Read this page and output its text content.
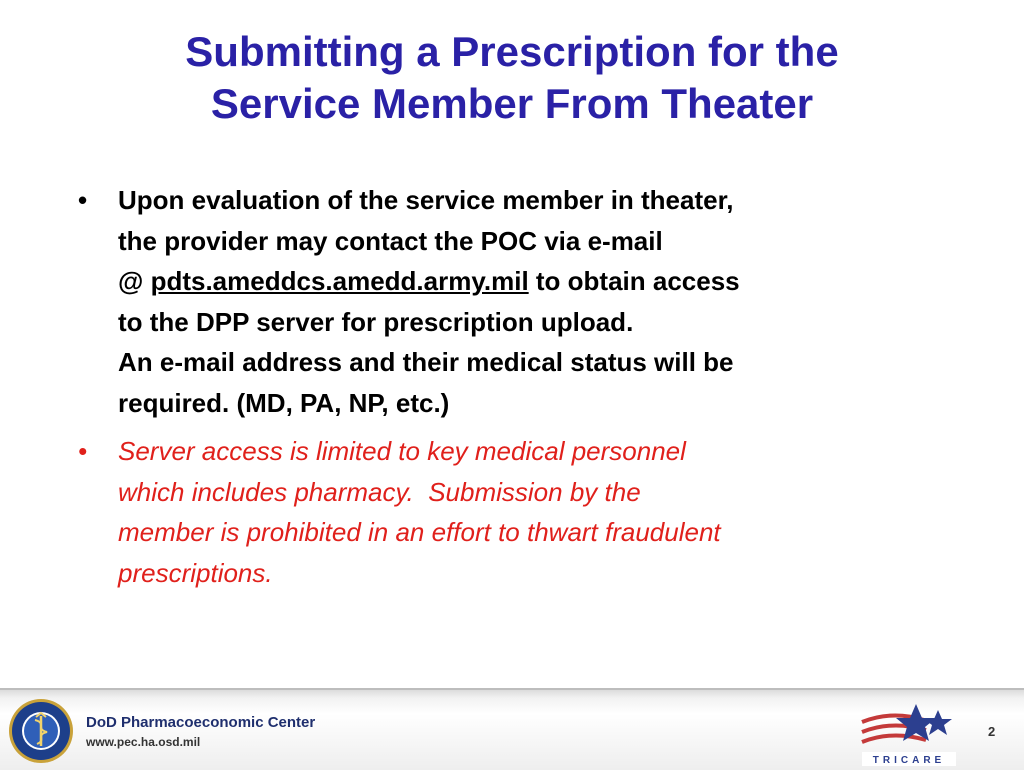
Submitting a Prescription for the
Service Member From Theater
• Upon evaluation of the service member in theater,
the provider may contact the POC via e-mail
@ pdts.ameddcs.amedd.army.mil to obtain access
to the DPP server for prescription upload.
An e-mail address and their medical status will be
required. (MD, PA, NP, etc.)
• Server access is limited to key medical personnel
which includes pharmacy.  Submission by the
member is prohibited in an effort to thwart fraudulent
prescriptions.
DoD Pharmacoeconomic Center
www.pec.ha.osd.mil
TRICARE
2
